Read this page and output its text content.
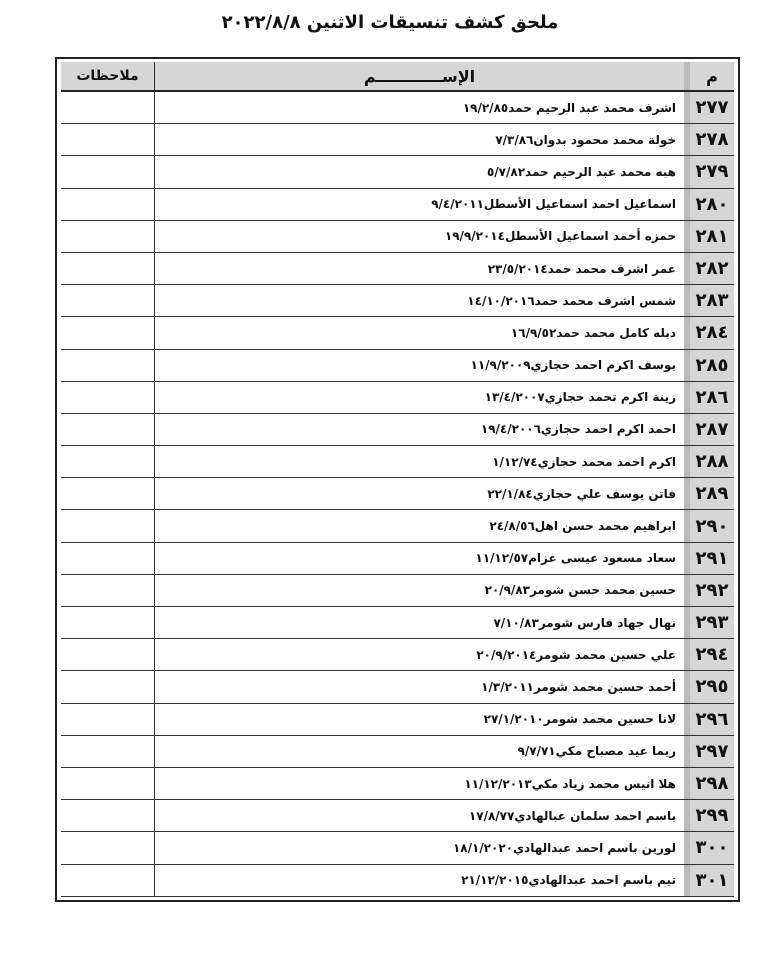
ملحق كشف تنسيقات الاثنين ٢٠٢٢/٨/٨
م
الإســــــــــــم
ملاحظات
٢٧٧
اشرف محمد عبد الرحيم حمد١٩/٢/٨٥
٢٧٨
خولة محمد محمود بدوان٧/٣/٨٦
٢٧٩
هبه محمد عبد الرحيم حمد٥/٧/٨٢
٢٨٠
اسماعيل احمد اسماعيل الأسطل٩/٤/٢٠١١
٢٨١
حمزه أحمد اسماعيل الأسطل١٩/٩/٢٠١٤
٢٨٢
عمر اشرف محمد حمد٢٣/٥/٢٠١٤
٢٨٣
شمس اشرف محمد حمد١٤/١٠/٢٠١٦
٢٨٤
دبله كامل محمد حمد١٦/٩/٥٢
٢٨٥
يوسف اكرم احمد حجازي١١/٩/٢٠٠٩
٢٨٦
زينة اكرم تحمد حجازي١٣/٤/٢٠٠٧
٢٨٧
احمد اكرم احمد حجازي١٩/٤/٢٠٠٦
٢٨٨
اكرم احمد محمد حجازي١/١٢/٧٤
٢٨٩
فاتن يوسف علي حجازي٢٢/١/٨٤
٢٩٠
ابراهيم محمد حسن اهل٢٤/٨/٥٦
٢٩١
سعاد مسعود عيسى عزام١١/١٢/٥٧
٢٩٢
حسين محمد حسن شومر٢٠/٩/٨٣
٢٩٣
نهال جهاد فارس شومر٧/١٠/٨٣
٢٩٤
علي حسين محمد شومر٢٠/٩/٢٠١٤
٢٩٥
أحمد حسين محمد شومر١/٣/٢٠١١
٢٩٦
لانا حسين محمد شومر٢٧/١/٢٠١٠
٢٩٧
ريما عيد مصباح مكي٩/٧/٧١
٢٩٨
هلا انيس محمد زياد مكي١١/١٢/٢٠١٣
٢٩٩
باسم احمد سلمان عبالهادي١٧/٨/٧٧
٣٠٠
لورين باسم احمد عبدالهادي١٨/١/٢٠٢٠
٣٠١
تيم باسم احمد عبدالهادي٢١/١٢/٢٠١٥
